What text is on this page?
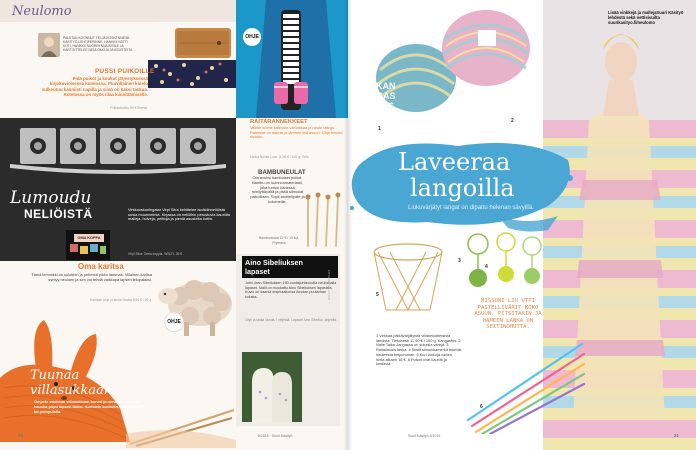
Neulomo
PALSTAN KOONNUT TELJA KOSKENNIEMI. KÄSITYÖ-LEHTIPERINNE, HANKKII NÄTTI KOTI, HANKKII NUOREENNAISVIILE JA KARTOITTELEE NEULOMOJA JA ASUSTEITA.
PUSSI PUIKOILLE
Pidä puikot ja koukut järjestyksessä kirjokuvioisessa kotelossa. Puuvillainen kotelo sulkeutuu kauniisti napilla ja siinä on kaksi taskua. Kotelossa on myös tilaa kiinnittämiselle.
Puikkokotelo 59 € Bernat.
OHJE
RAITARANNEKKEET
Valitse kolme kaunista värilankaa ja neulo raitoja. Ranneke on kaunis ja lämmin lisä asuun. Ohje lehden sivuilla.
Lanka Novita Luxe 11,90 € / 100 g. Taito
BAMBUNEULAT
Ota avuksi bambuiset puikot. Bambu on luonnonmateriaali, joka tuntuu kädessä miellyttävältä ja pitää silmukat paikoillaan. Sopii aloittelijoille ja kokeneille.
Bambuneulat 12 € / 10 kpl, Prymass
Lumoudu
NELIÖISTÄ
OMA KOPPA
Virkkauskuningatar Virpi Siira kehittelee isoäidinneliöistä uusia muunnelmia. Kirjassa on neliöihin perustuvia kauniita malleja, huiveja, peittoja ja pieniä asusteita kotiin.
Virpi Siira: Omia koppia. WSOY, 39 €.
Oma karitsa
Tämä lemmikki on suloinen ja pehmeä pikku lammas. Villainen karitsa syntyy neuloen ja sen voi tehdä vaikkapa lapsen lelupalaksi.
Karitsan ohje ja lanka Novita 5,90 € / 50 g.
OHJE
Tuunaa
villasukkaan
Ompele vanhaan villasukkaan korvat ja nenä. Näin syntyy hauska pupu lapsen iloksi. Koristele kuvioilla, nappisilmillä tai pompulalla.
Aino Sibeliuksen
lapaset
Juhli Jean Sibeliuksen 150-vuotisjuhlavuotta neulomalla lapaset. Malli on muokattu Aino Sibeliuksen lapasista. Kuvio on saanut inspiraationsa Ainolan puutarhan kukista.
Ohje ja lanka Novita 7 veljestä. Lapaset Aino Sibelius -ohjeella.
KUVAT: VALMISTAJAT
20	6/2015 · Suuri Käsityö
Lisää vinkkejä ja mallejaSuuri Käsityö lehdestä sekä nettisivuilta suurikasityo.fi/neulomo
KAN
GAS
TUS
1
2
Laveeraa
langoilla
Liukuvärjätyt langat on dipattu helenan sävyillä.
5
4
3
MISSONI LIU UTTI PASTELLIVÄRIT KOKO ASUUN. PITSITAKIN JA HAMEEN LANKA ON SEITINOHUTTA.
1 Virkkaa pätkävärjätyistä villasekoitteisista lanoista. Tietoisesti 11,90 € / 100 g. Kangastus. 2 Nalle Taika -langassa on suloisia värejä. 3 Raitailisuus lanka. 4 Siistit silmukkamerkit tekevät neuleesta helpomman. 5 Kori lankoja varten, hinta alkaen 18 €. 6 Puikot ovat kauniit ja kestäviä.
6
Suuri Käsityö 6/2015	21
